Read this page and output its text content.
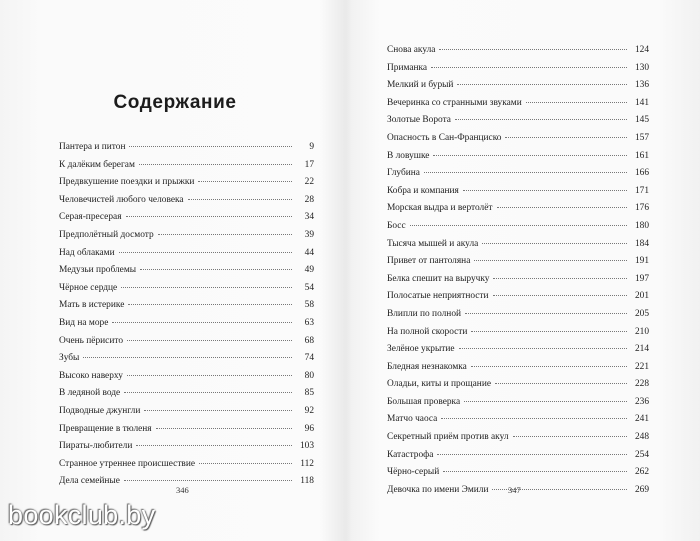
Содержание
Пантера и питон	9
К далёким берегам	17
Предвкушение поездки и прыжки	22
Человечистей любого человека	28
Серая-пресерая	34
Предполётный досмотр	39
Над облаками	44
Медузьи проблемы	49
Чёрное сердце	54
Мать в истерике	58
Вид на море	63
Очень пёрисито	68
Зубы	74
Высоко наверху	80
В ледяной воде	85
Подводные джунгли	92
Превращение в тюленя	96
Пираты-любители	103
Странное утреннее происшествие	112
Дела семейные	118
346
Снова акула	124
Приманка	130
Мелкий и бурый	136
Вечеринка со странными звуками	141
Золотые Ворота	145
Опасность в Сан-Франциско	157
В ловушке	161
Глубина	166
Кобра и компания	171
Морская выдра и вертолёт	176
Босс	180
Тысяча мышей и акула	184
Привет от пантоляна	191
Белка спешит на выручку	197
Полосатые неприятности	201
Влипли по полной	205
На полной скорости	210
Зелёное укрытие	214
Бледная незнакомка	221
Оладьи, киты и прощание	228
Большая проверка	236
Матчо чаоса	241
Секретный приём против акул	248
Катастрофа	254
Чёрно-серый	262
Девочка по имени Эмили	269
347
bookclub.by
